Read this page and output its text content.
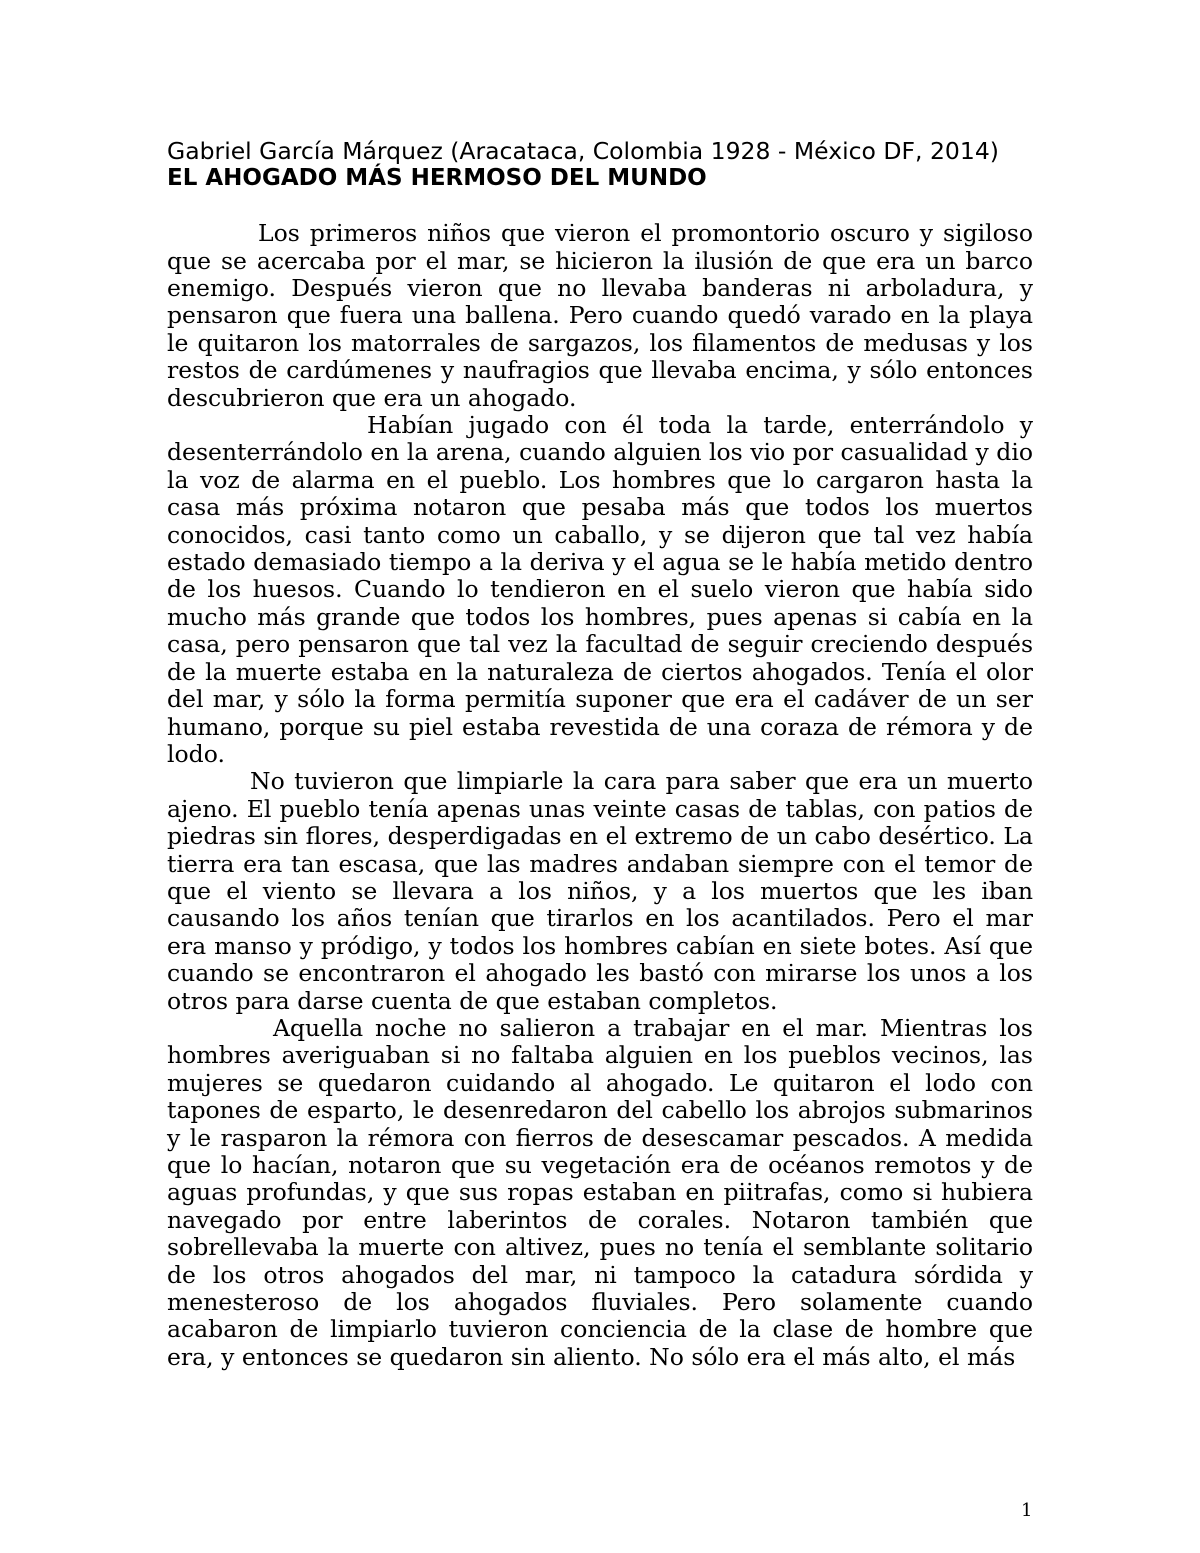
Gabriel García Márquez (Aracataca, Colombia 1928 - México DF, 2014)
EL AHOGADO MÁS HERMOSO DEL MUNDO

Los primeros niños que vieron el promontorio oscuro y sigiloso que se acercaba por el mar, se hicieron la ilusión de que era un barco enemigo. Después vieron que no llevaba banderas ni arboladura, y pensaron que fuera una ballena. Pero cuando quedó varado en la playa le quitaron los matorrales de sargazos, los filamentos de medusas y los restos de cardúmenes y naufragios que llevaba encima, y sólo entonces descubrieron que era un ahogado.

Habían jugado con él toda la tarde, enterrándolo y desenterrándolo en la arena, cuando alguien los vio por casualidad y dio la voz de alarma en el pueblo. Los hombres que lo cargaron hasta la casa más próxima notaron que pesaba más que todos los muertos conocidos, casi tanto como un caballo, y se dijeron que tal vez había estado demasiado tiempo a la deriva y el agua se le había metido dentro de los huesos. Cuando lo tendieron en el suelo vieron que había sido mucho más grande que todos los hombres, pues apenas si cabía en la casa, pero pensaron que tal vez la facultad de seguir creciendo después de la muerte estaba en la naturaleza de ciertos ahogados. Tenía el olor del mar, y sólo la forma permitía suponer que era el cadáver de un ser humano, porque su piel estaba revestida de una coraza de rémora y de lodo.

No tuvieron que limpiarle la cara para saber que era un muerto ajeno. El pueblo tenía apenas unas veinte casas de tablas, con patios de piedras sin flores, desperdigadas en el extremo de un cabo desértico. La tierra era tan escasa, que las madres andaban siempre con el temor de que el viento se llevara a los niños, y a los muertos que les iban causando los años tenían que tirarlos en los acantilados. Pero el mar era manso y pródigo, y todos los hombres cabían en siete botes. Así que cuando se encontraron el ahogado les bastó con mirarse los unos a los otros para darse cuenta de que estaban completos.

Aquella noche no salieron a trabajar en el mar. Mientras los hombres averiguaban si no faltaba alguien en los pueblos vecinos, las mujeres se quedaron cuidando al ahogado. Le quitaron el lodo con tapones de esparto, le desenredaron del cabello los abrojos submarinos y le rasparon la rémora con fierros de desescamar pescados. A medida que lo hacían, notaron que su vegetación era de océanos remotos y de aguas profundas, y que sus ropas estaban en piitrafas, como si hubiera navegado por entre laberintos de corales. Notaron también que sobrellevaba la muerte con altivez, pues no tenía el semblante solitario de los otros ahogados del mar, ni tampoco la catadura sórdida y menesteroso de los ahogados fluviales. Pero solamente cuando acabaron de limpiarlo tuvieron conciencia de la clase de hombre que era, y entonces se quedaron sin aliento. No sólo era el más alto, el más

1
